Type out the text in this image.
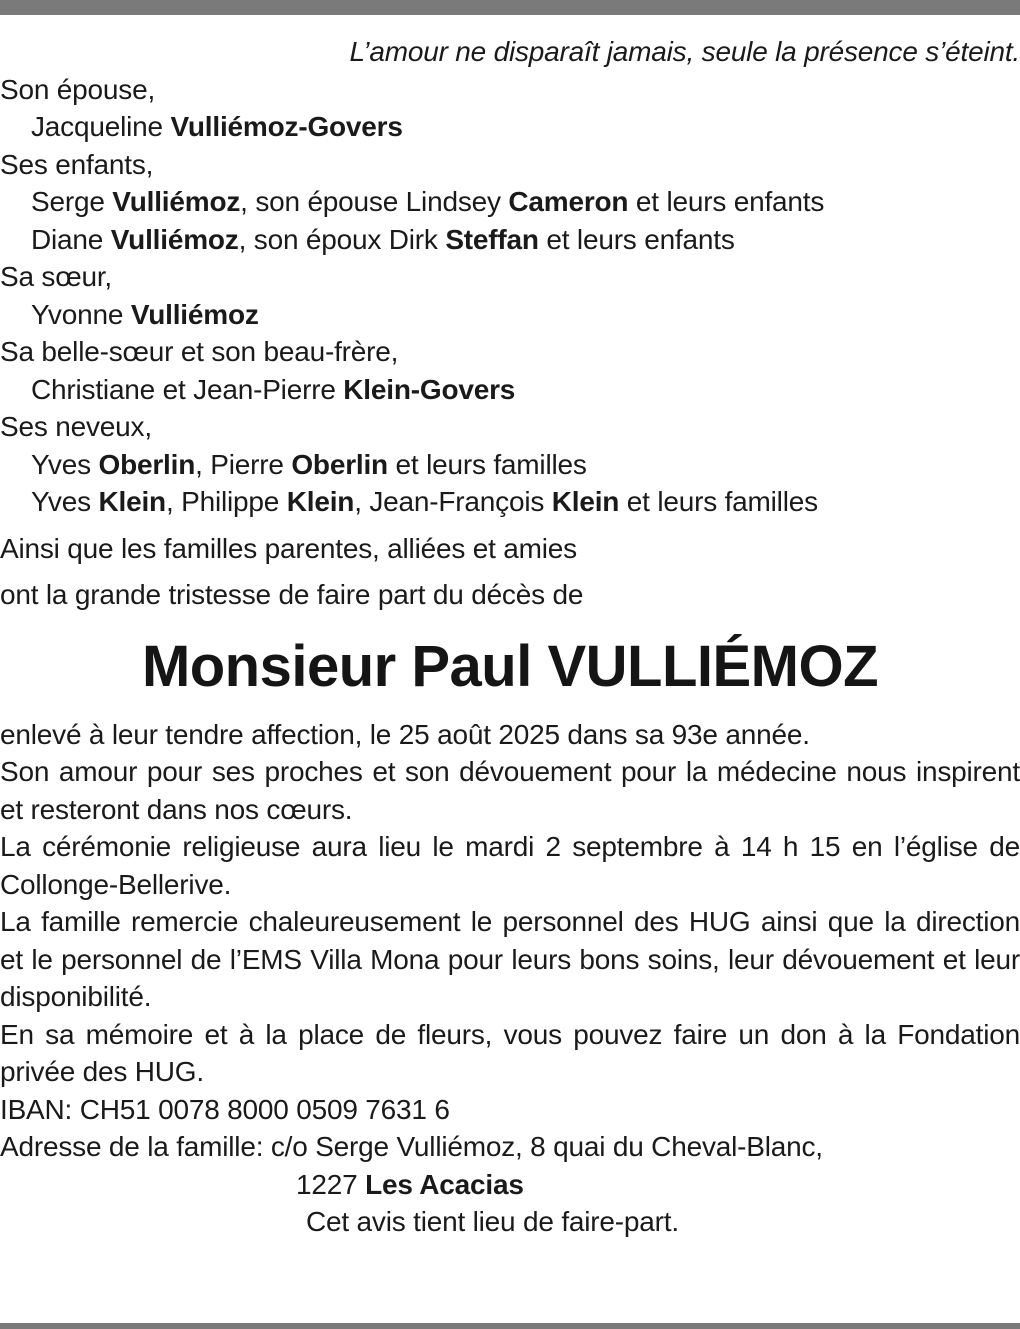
L’amour ne disparaît jamais, seule la présence s’éteint.

Son épouse,

Jacqueline Vulliémoz-Govers

Ses enfants,

Serge Vulliémoz, son épouse Lindsey Cameron et leurs enfants

Diane Vulliémoz, son époux Dirk Steffan et leurs enfants

Sa sœur,

Yvonne Vulliémoz

Sa belle-sœur et son beau-frère,

Christiane et Jean-Pierre Klein-Govers

Ses neveux,

Yves Oberlin, Pierre Oberlin et leurs familles

Yves Klein, Philippe Klein, Jean-François Klein et leurs familles

Ainsi que les familles parentes, alliées et amies

ont la grande tristesse de faire part du décès de

Monsieur Paul VULLIÉMOZ

enlevé à leur tendre affection, le 25 août 2025 dans sa 93e année.

Son amour pour ses proches et son dévouement pour la médecine nous inspirent et resteront dans nos cœurs.

La cérémonie religieuse aura lieu le mardi 2 septembre à 14 h 15 en l’église de Collonge-Bellerive.

La famille remercie chaleureusement le personnel des HUG ainsi que la direction et le personnel de l’EMS Villa Mona pour leurs bons soins, leur dévouement et leur disponibilité.

En sa mémoire et à la place de fleurs, vous pouvez faire un don à la Fondation privée des HUG.

IBAN: CH51 0078 8000 0509 7631 6

Adresse de la famille: c/o Serge Vulliémoz, 8 quai du Cheval-Blanc,

1227 Les Acacias

Cet avis tient lieu de faire-part.
